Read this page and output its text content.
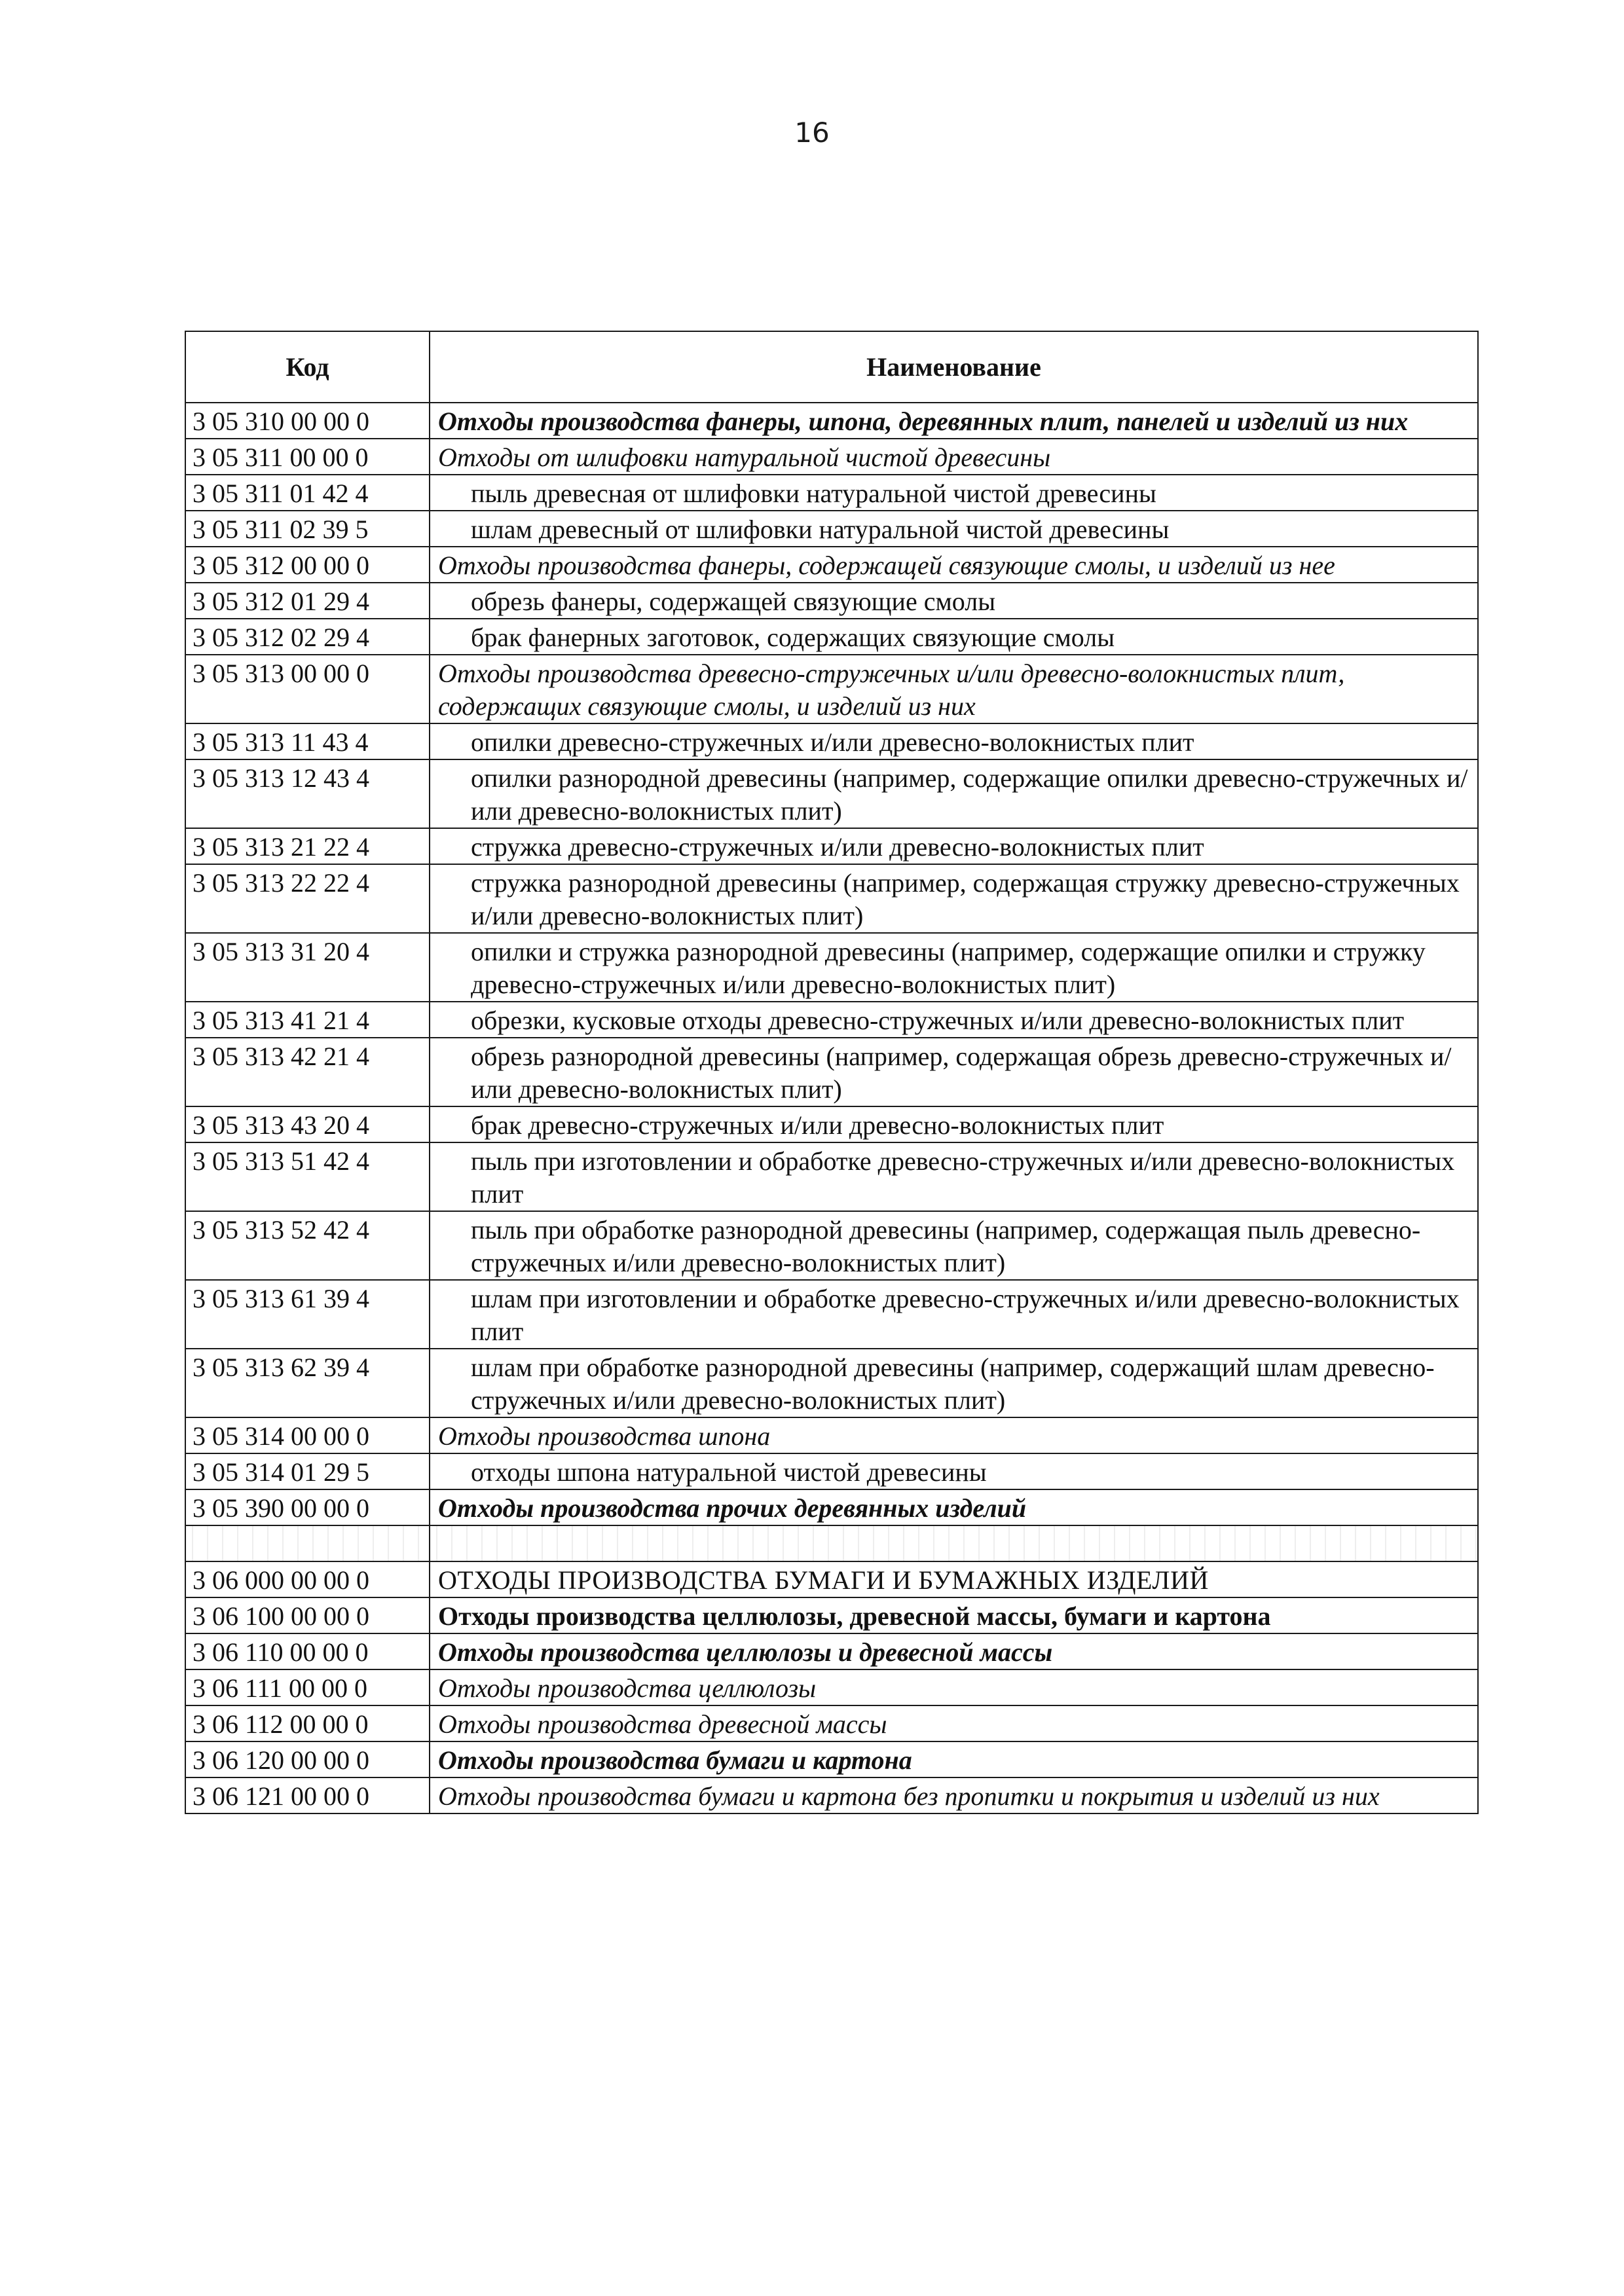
16
Код	Наименование
3 05 310 00 00 0	Отходы производства фанеры, шпона, деревянных плит, панелей и изделий из них
3 05 311 00 00 0	Отходы от шлифовки натуральной чистой древесины
3 05 311 01 42 4	пыль древесная от шлифовки натуральной чистой древесины
3 05 311 02 39 5	шлам древесный от шлифовки натуральной чистой древесины
3 05 312 00 00 0	Отходы производства фанеры, содержащей связующие смолы, и изделий из нее
3 05 312 01 29 4	обрезь фанеры, содержащей связующие смолы
3 05 312 02 29 4	брак фанерных заготовок, содержащих связующие смолы
3 05 313 00 00 0	Отходы производства древесно-стружечных и/или древесно-волокнистых плит, содержащих связующие смолы, и изделий из них
3 05 313 11 43 4	опилки древесно-стружечных и/или древесно-волокнистых плит
3 05 313 12 43 4	опилки разнородной древесины (например, содержащие опилки древесно-стружечных и/или древесно-волокнистых плит)
3 05 313 21 22 4	стружка древесно-стружечных и/или древесно-волокнистых плит
3 05 313 22 22 4	стружка разнородной древесины (например, содержащая стружку древесно-стружечных и/или древесно-волокнистых плит)
3 05 313 31 20 4	опилки и стружка разнородной древесины (например, содержащие опилки и стружку древесно-стружечных и/или древесно-волокнистых плит)
3 05 313 41 21 4	обрезки, кусковые отходы древесно-стружечных и/или древесно-волокнистых плит
3 05 313 42 21 4	обрезь разнородной древесины (например, содержащая обрезь древесно-стружечных и/или древесно-волокнистых плит)
3 05 313 43 20 4	брак древесно-стружечных и/или древесно-волокнистых плит
3 05 313 51 42 4	пыль при изготовлении и обработке древесно-стружечных и/или древесно-волокнистых плит
3 05 313 52 42 4	пыль при обработке разнородной древесины (например, содержащая пыль древесно-стружечных и/или древесно-волокнистых плит)
3 05 313 61 39 4	шлам при изготовлении и обработке древесно-стружечных и/или древесно-волокнистых плит
3 05 313 62 39 4	шлам при обработке разнородной древесины (например, содержащий шлам древесно-стружечных и/или древесно-волокнистых плит)
3 05 314 00 00 0	Отходы производства шпона
3 05 314 01 29 5	отходы шпона натуральной чистой древесины
3 05 390 00 00 0	Отходы производства прочих деревянных изделий

3 06 000 00 00 0	ОТХОДЫ ПРОИЗВОДСТВА БУМАГИ И БУМАЖНЫХ ИЗДЕЛИЙ
3 06 100 00 00 0	Отходы производства целлюлозы, древесной массы, бумаги и картона
3 06 110 00 00 0	Отходы производства целлюлозы и древесной массы
3 06 111 00 00 0	Отходы производства целлюлозы
3 06 112 00 00 0	Отходы производства древесной массы
3 06 120 00 00 0	Отходы производства бумаги и картона
3 06 121 00 00 0	Отходы производства бумаги и картона без пропитки и покрытия и изделий из них
